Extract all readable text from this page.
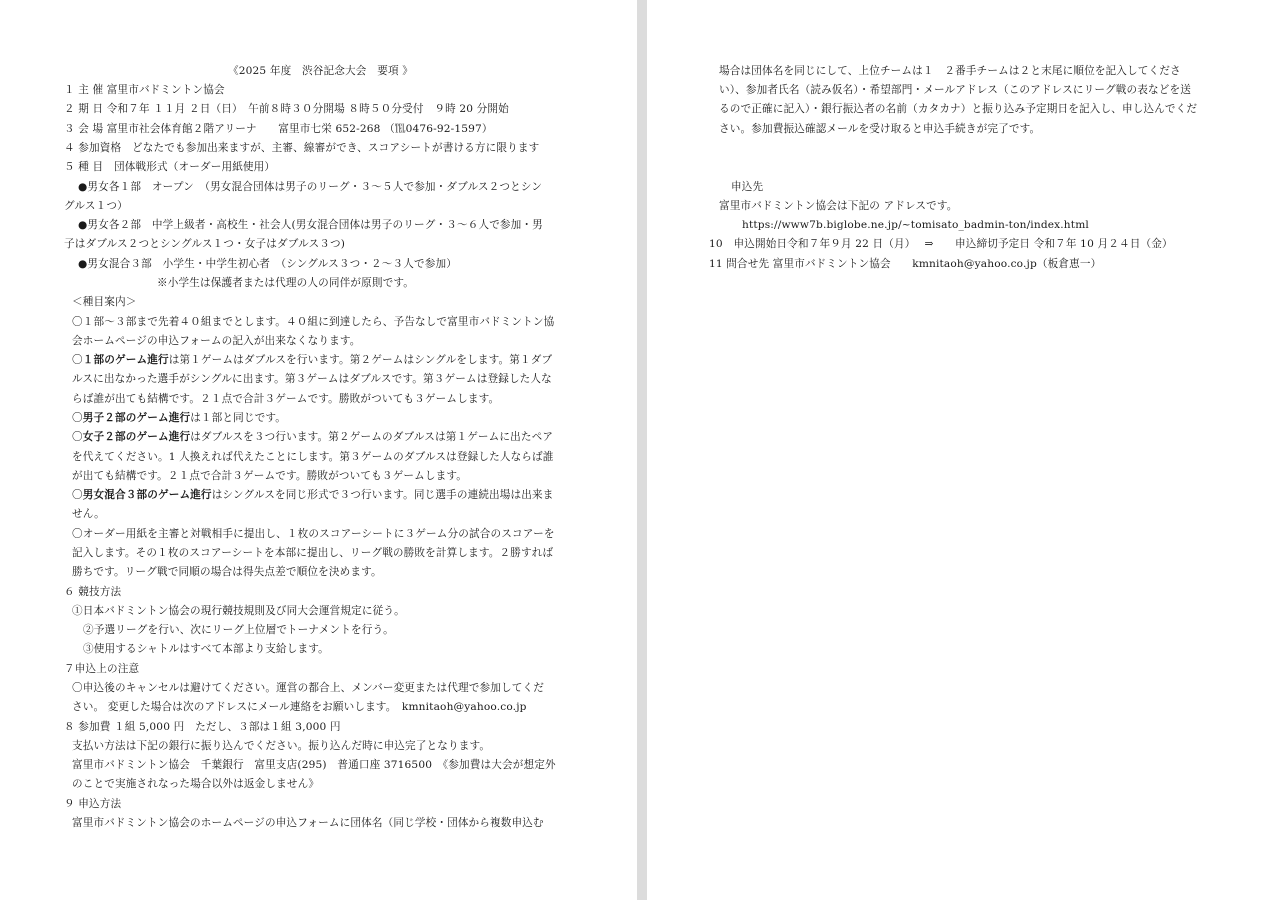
《2025 年度　渋谷記念大会　要項 》
１ 主 催 富里市バドミントン協会
２ 期 日 令和７年 １１月 ２日（日）　午前８時３０分開場 ８時５０分受付　９時 20 分開始
３ 会 場 富里市社会体育館２階アリーナ　　富里市七栄 652-268 （℡0476-92-1597）
４ 参加資格　どなたでも参加出来ますが、主審、線審ができ、スコアシートが書ける方に限ります
５ 種 目　団体戦形式（オーダー用紙使用）
●男女各１部　オープン　（男女混合団体は男子のリーグ・３～５人で参加・ダブルス２つとシン
グルス１つ）
●男女各２部　中学上級者・高校生・社会人(男女混合団体は男子のリーグ・３～６人で参加・男
子はダブルス２つとシングルス１つ・女子はダブルス３つ)
●男女混合３部　小学生・中学生初心者　（シングルス３つ・２～３人で参加）
※小学生は保護者または代理の人の同伴が原則です。
＜種目案内＞
〇１部～３部まで先着４０組までとします。４０組に到達したら、予告なしで富里市バドミントン協
会ホームページの申込フォームの記入が出来なくなります。
〇１部のゲーム進行は第１ゲームはダブルスを行います。第２ゲームはシングルをします。第１ダブ
ルスに出なかった選手がシングルに出ます。第３ゲームはダブルスです。第３ゲームは登録した人な
らば誰が出ても結構です。２１点で合計３ゲームです。勝敗がついても３ゲームします。
〇男子２部のゲーム進行は１部と同じです。
〇女子２部のゲーム進行はダブルスを３つ行います。第２ゲームのダブルスは第１ゲームに出たペア
を代えてください。1 人換えれば代えたことにします。第３ゲームのダブルスは登録した人ならば誰
が出ても結構です。２１点で合計３ゲームです。勝敗がついても３ゲームします。
〇男女混合３部のゲーム進行はシングルスを同じ形式で３つ行います。同じ選手の連続出場は出来ま
せん。
〇オーダー用紙を主審と対戦相手に提出し、１枚のスコアーシートに３ゲーム分の試合のスコアーを
記入します。その１枚のスコアーシートを本部に提出し、リーグ戦の勝敗を計算します。２勝すれば
勝ちです。リーグ戦で同順の場合は得失点差で順位を決めます。
６ 競技方法
①日本バドミントン協会の現行競技規則及び同大会運営規定に従う。
②予選リーグを行い、次にリーグ上位層でトーナメントを行う。
③使用するシャトルはすべて本部より支給します。
７申込上の注意
〇申込後のキャンセルは避けてください。運営の都合上、メンバー変更または代理で参加してくだ
さい。 変更した場合は次のアドレスにメール連絡をお願いします。　kmnitaoh@yahoo.co.jp
８ 参加費 １組 5,000 円　ただし、３部は１組 3,000 円
支払い方法は下記の銀行に振り込んでください。振り込んだ時に申込完了となります。
富里市バドミントン協会　千葉銀行　富里支店(295)　普通口座 3716500　《参加費は大会が想定外
のことで実施されなった場合以外は返金しません》
９ 申込方法
富里市バドミントン協会のホームページの申込フォームに団体名（同じ学校・団体から複数申込む
場合は団体名を同じにして、上位チームは１　２番手チームは２と末尾に順位を記入してくださ
い）、参加者氏名（読み仮名）・希望部門・メールアドレス（このアドレスにリーグ戦の表などを送
るので正確に記入）・銀行振込者の名前（カタカナ）と振り込み予定期日を記入し、申し込んでくだ
さい。参加費振込確認メールを受け取ると申込手続きが完了です。
申込先
富里市バドミントン協会は下記の アドレスです。
https://www7b.biglobe.ne.jp/~tomisato_badmin-ton/index.html
10　申込開始日令和７年９月 22 日（月）　 ⇒　　申込締切予定日 令和７年 10 月２４日（金）
11 問合せ先 富里市バドミントン協会　　kmnitaoh@yahoo.co.jp（板倉恵一）
